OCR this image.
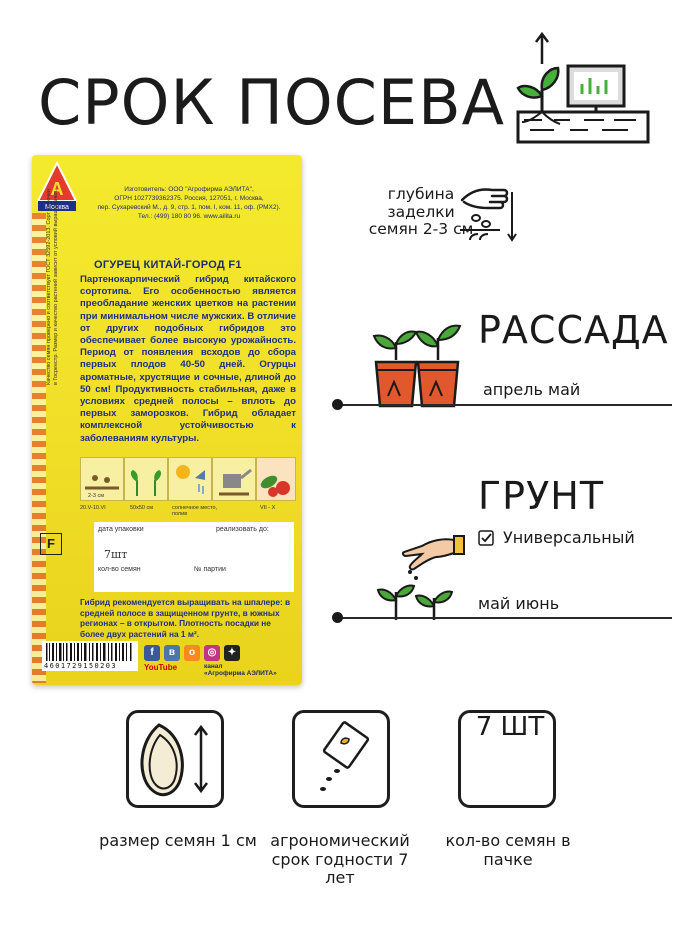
СРОК ПОСЕВА
А
Москва
Изготовитель: ООО "Агрофирма АЭЛИТА",
ОГРН 1027739362375. Россия, 127051, г. Москва,
пер. Сухаревский М., д. 9, стр. 1, пом. I, ком. 11, оф. (РМХ2).
Тел.: (499) 180 80 96. www.ailita.ru
ОГУРЕЦ КИТАЙ-ГОРОД F1
Партенокарпический гибрид китайского сортотипа. Его особенностью является преобладание женских цветков на растении при минимальном числе мужских. В отличие от других подобных гибридов это обеспечивает более высокую урожайность. Период от появления всходов до сбора первых плодов 40-50 дней. Огурцы ароматные, хрустящие и сочные, длиной до 50 см! Продуктивность стабильная, даже в условиях средней полосы – вплоть до первых заморозков. Гибрид обладает комплексной устойчивостью к заболеваниям культуры.
Качество семян проверено и соответствует ГОСТ 32592-2013. Сорт включен в Госреестр. Размер и качество растений зависит от условий выращивания.
20.V-10.VI	50x50 см	солнечное место, полив
VII - X
2-3 см
дата упаковки	реализовать до:
7шт
кол-во семян	№ партии
F
Гибрид рекомендуется выращивать на шпалере: в средней полосе в защищенном грунте, в южных регионах – в открытом. Плотность посадки не более двух растений на 1 м².
4601729150203
f	в	о	◎	✦
YouTube	канал
«Агрофирма АЭЛИТА»
глубина заделки семян 2-3 см
РАССАДА
апрель май
ГРУНТ
Универсальный
май июнь
размер семян 1 см агрономический срок годности 7 лет
7 ШТ
кол-во семян в пачке
